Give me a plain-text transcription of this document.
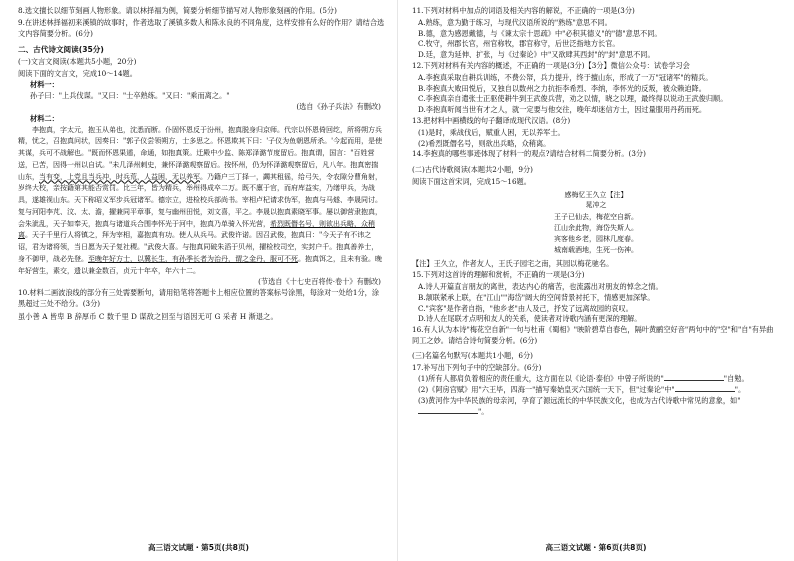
8.选文擅长以细节刻画人物形象。请以林择福为例，简要分析细节描写对人物形象刻画的作用。(5分)

9.在讲述林择福初来溪镇的故事时，作者选取了溪镇多数人和陈永良的不同角度，这样安排有么好的作用？请结合选文内容简要分析。(6分)

二、古代诗文阅读(35分)

(一)文言文阅读(本题共5小题，20分)

阅读下面的文言文，完成10～14题。

材料一：

孙子曰："上兵伐谋。"又曰："士卒熟练。"又曰："乘而离之。"

(选自《孙子兵法》有删改)

材料二：

李抱真，字太元，抱玉从弟也，沈悉而断。仆固怀恩反于汾州，抱真脱身归京师。代宗以怀恩倚回纥，所将朔方兵精，忧之，召抱真问状，因奏曰："郭子仪尝领朔方，士多思之。怀恩欺其下曰：'子仪为鱼朝恩所杀。'今起而用，是使其谋，兵可不战解也。"既而怀恩果遁，命通，如抱真策。迁殿中少监、陈郑泽潞节度留后。抱真谓，国言："百姓营送，已苦，因得一州以自试。"未几泽州刺史，兼怀泽潞观察留后。按怀州，仍为怀泽潞观察留后，凡八年。抱真密揣山东，当有变，上党且当兵冲，时兵荒，人益困，无以养军。乃籍户三丁择一，蠲其租徭，给弓矢，令农隙分曹角射，岁终大校，亲按籍第其能否赏罚。比三年，皆为精兵，举州得成卒二万。既不廪于官，而府库益实，乃缮甲兵，为战具，遂雄视山东。天下称昭义军步兵冠诸军。德宗立，进检校兵部尚书。宰相卢杞请求伪军，抱真与马燧、李晟同讨。复与河阳李芃、汶、太、澹，擢兼同平章事，复与幽州田悦，刘文喜，平之。李晟以抱真素晓军事。屡以御营隶抱真，会朱泚乱，天子如奉天，抱真与诸道兵合围李怀光于河中，抱真乃单骑入怀光营，希烈既僭名号，则欲出兵略，众稍离。天子千里行人将镇之，拜为宰相，嘉抱真有功。使人从兵马。武俊许诺。因召武俊，抱真曰："今天子有不讳之诏，君为诸将领，当日愿为天子复社稷。"武俊大喜。与抱真同破朱滔于贝州，擢检校司空，实封户千。抱真善养士，身不御甲，战必先登。至晚年好方士，以冀长生，有孙季长者为治丹，谓之金丹，服可不死。抱真饵之，且未有验。晚年好营生，素交，遗以兼金数百，贞元十年卒，年六十二。

(节选自《十七史百将传·卷十》有删改)

10.材料二画波浪线的部分有三处需要断句，请用铅笔将答题卡上相应位置的答案标号涂黑，每涂对一处给1分，涂黑超过三处不给分。(3分)

虽小善 A 皆卑 B 辞厚币 C 数千里 D 谋敌之回至与语因无可 G 采者 H 渐退之。

高三语文试题・第5页(共8页)

11.下列对材料中加点的词语及相关内容的解说，不正确的一项是(3分)

A.熟练，意为勤于练习，与现代汉语所说的"熟练"意思不同。

B.德，意为感恩戴德，与《谏太宗十思疏》中"必积其德义"的"德"意思不同。

C.牧守，州郡长官，州官称牧，郡官称守，后世泛指地方长官。

D.廷，意为延伸、扩张，与《过秦论》中"又欲肆其西封"的"封"意思不同。

12.下列对材料有关内容的概述，不正确的一项是(3分)【3分】微信公众号：试卷学习会

A.李抱真采取自耕兵训练，不费公帑，兵力提升，终于擅山东，形成了一万"冠诸军"的精兵。

B.李抱真大败田悦后，又独自以数州之力抗拒李希烈、李纳，李怀光的反叛，被众赖迫降。

C.李抱真亲自遣张士正驱使耕牛到王武俊兵营，劝之以情，晓之以理，最终得以说动王武俊归顺。

D.李抱真听闻当世有才之人，就一定要与他交往，晚年却迷信方士，因过量服用丹药而死。

13.把材料中画横线的句子翻译成现代汉语。(8分)

(1)是时，乘战伐后，赋重人困，无以养军士。

(2)希烈既僭名号，则欲出兵略，众稍离。

14.李抱真的哪些事迹体现了材料一的观点?请结合材料二简要分析。(3分)

(二)古代诗歌阅读(本题共2小题，9分)

阅读下面这首宋词，完成15～16题。

感梅忆王久立【注】

晁冲之

王子已仙去，梅花空自新。

江山余此物，海岱失斯人。

宾客他乡老，园林几度春。

城南载酒地，生死一伤神。

【注】王久立，作者友人，王氏子园宅之南，其园以梅花驰名。

15.下列对这首诗的理解和赏析，不正确的一项是(3分)

A.诗人开篇直言朋友的离世，表达内心的痛苦，也流露出对朋友的悼念之情。

B.颔联紧承上联，在"江山""海岱"阔大的空间背景衬托下，情感更加深挚。

C."宾客"是作者自指，"他乡老"由人及己，抒发了远离故园的哀叹。

D.诗人在尾联才点明和友人的关系，使读者对诗歌内涵有更深的理解。

16.有人认为本诗"梅花空自新"一句与杜甫《蜀相》"映阶碧草自春色，隔叶黄鹂空好音"两句中的"空"和"自"有异曲同工之妙。请结合诗句简要分析。(6分)

(三)名篇名句默写(本题共1小题，6分)

17.补写出下列句子中的空缺部分。(6分)

(1)所有人都肩负着相应的责任重大，这方面在以《论语·泰伯》中曾子所说的"	"自勉。

(2)《阿房宫赋》用"六王毕，四海一"描写秦始皇灭六国统一天下，但"过秦论"中"	"。

(3)黄河作为中华民族的母亲河，孕育了源远流长的中华民族文化，也成为古代诗歌中常见的意象，如""。

高三语文试题・第6页(共8页)
